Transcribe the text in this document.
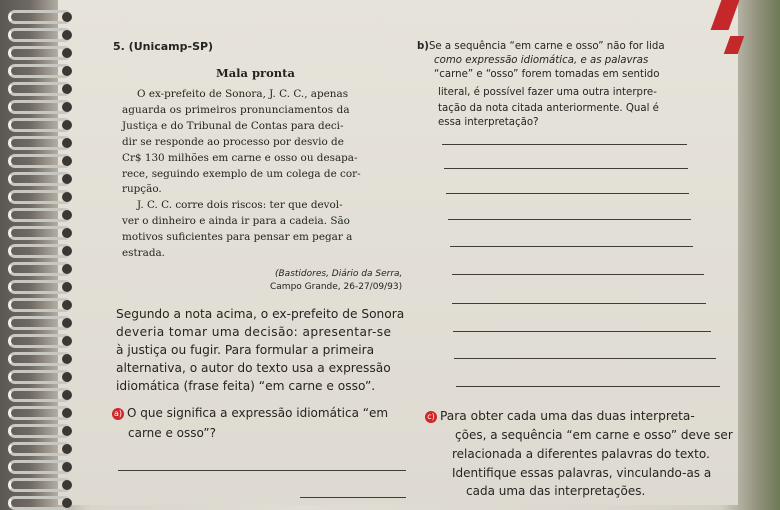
5. (Unicamp-SP)
Mala pronta
O ex-prefeito de Sonora, J. C. C., apenas
aguarda os primeiros pronunciamentos da
Justiça e do Tribunal de Contas para deci-
dir se responde ao processo por desvio de
Cr$ 130 milhões em carne e osso ou desapa-
rece, seguindo exemplo de um colega de cor-
rupção.
J. C. C. corre dois riscos: ter que devol-
ver o dinheiro e ainda ir para a cadeia. São
motivos suficientes para pensar em pegar a
estrada.
(Bastidores, Diário da Serra,
Campo Grande, 26-27/09/93)
Segundo a nota acima, o ex-prefeito de Sonora
deveria tomar uma decisão: apresentar-se
à justiça ou fugir. Para formular a primeira
alternativa, o autor do texto usa a expressão
idiomática (frase feita) “em carne e osso”.
a) O que significa a expressão idiomática “em
carne e osso”?
b)Se a sequência “em carne e osso” não for lida
como expressão idiomática, e as palavras
“carne” e “osso” forem tomadas em sentido
literal, é possível fazer uma outra interpre-
tação da nota citada anteriormente. Qual é
essa interpretação?
c) Para obter cada uma das duas interpreta-
ções, a sequência “em carne e osso” deve ser
relacionada a diferentes palavras do texto.
Identifique essas palavras, vinculando-as a
cada uma das interpretações.
